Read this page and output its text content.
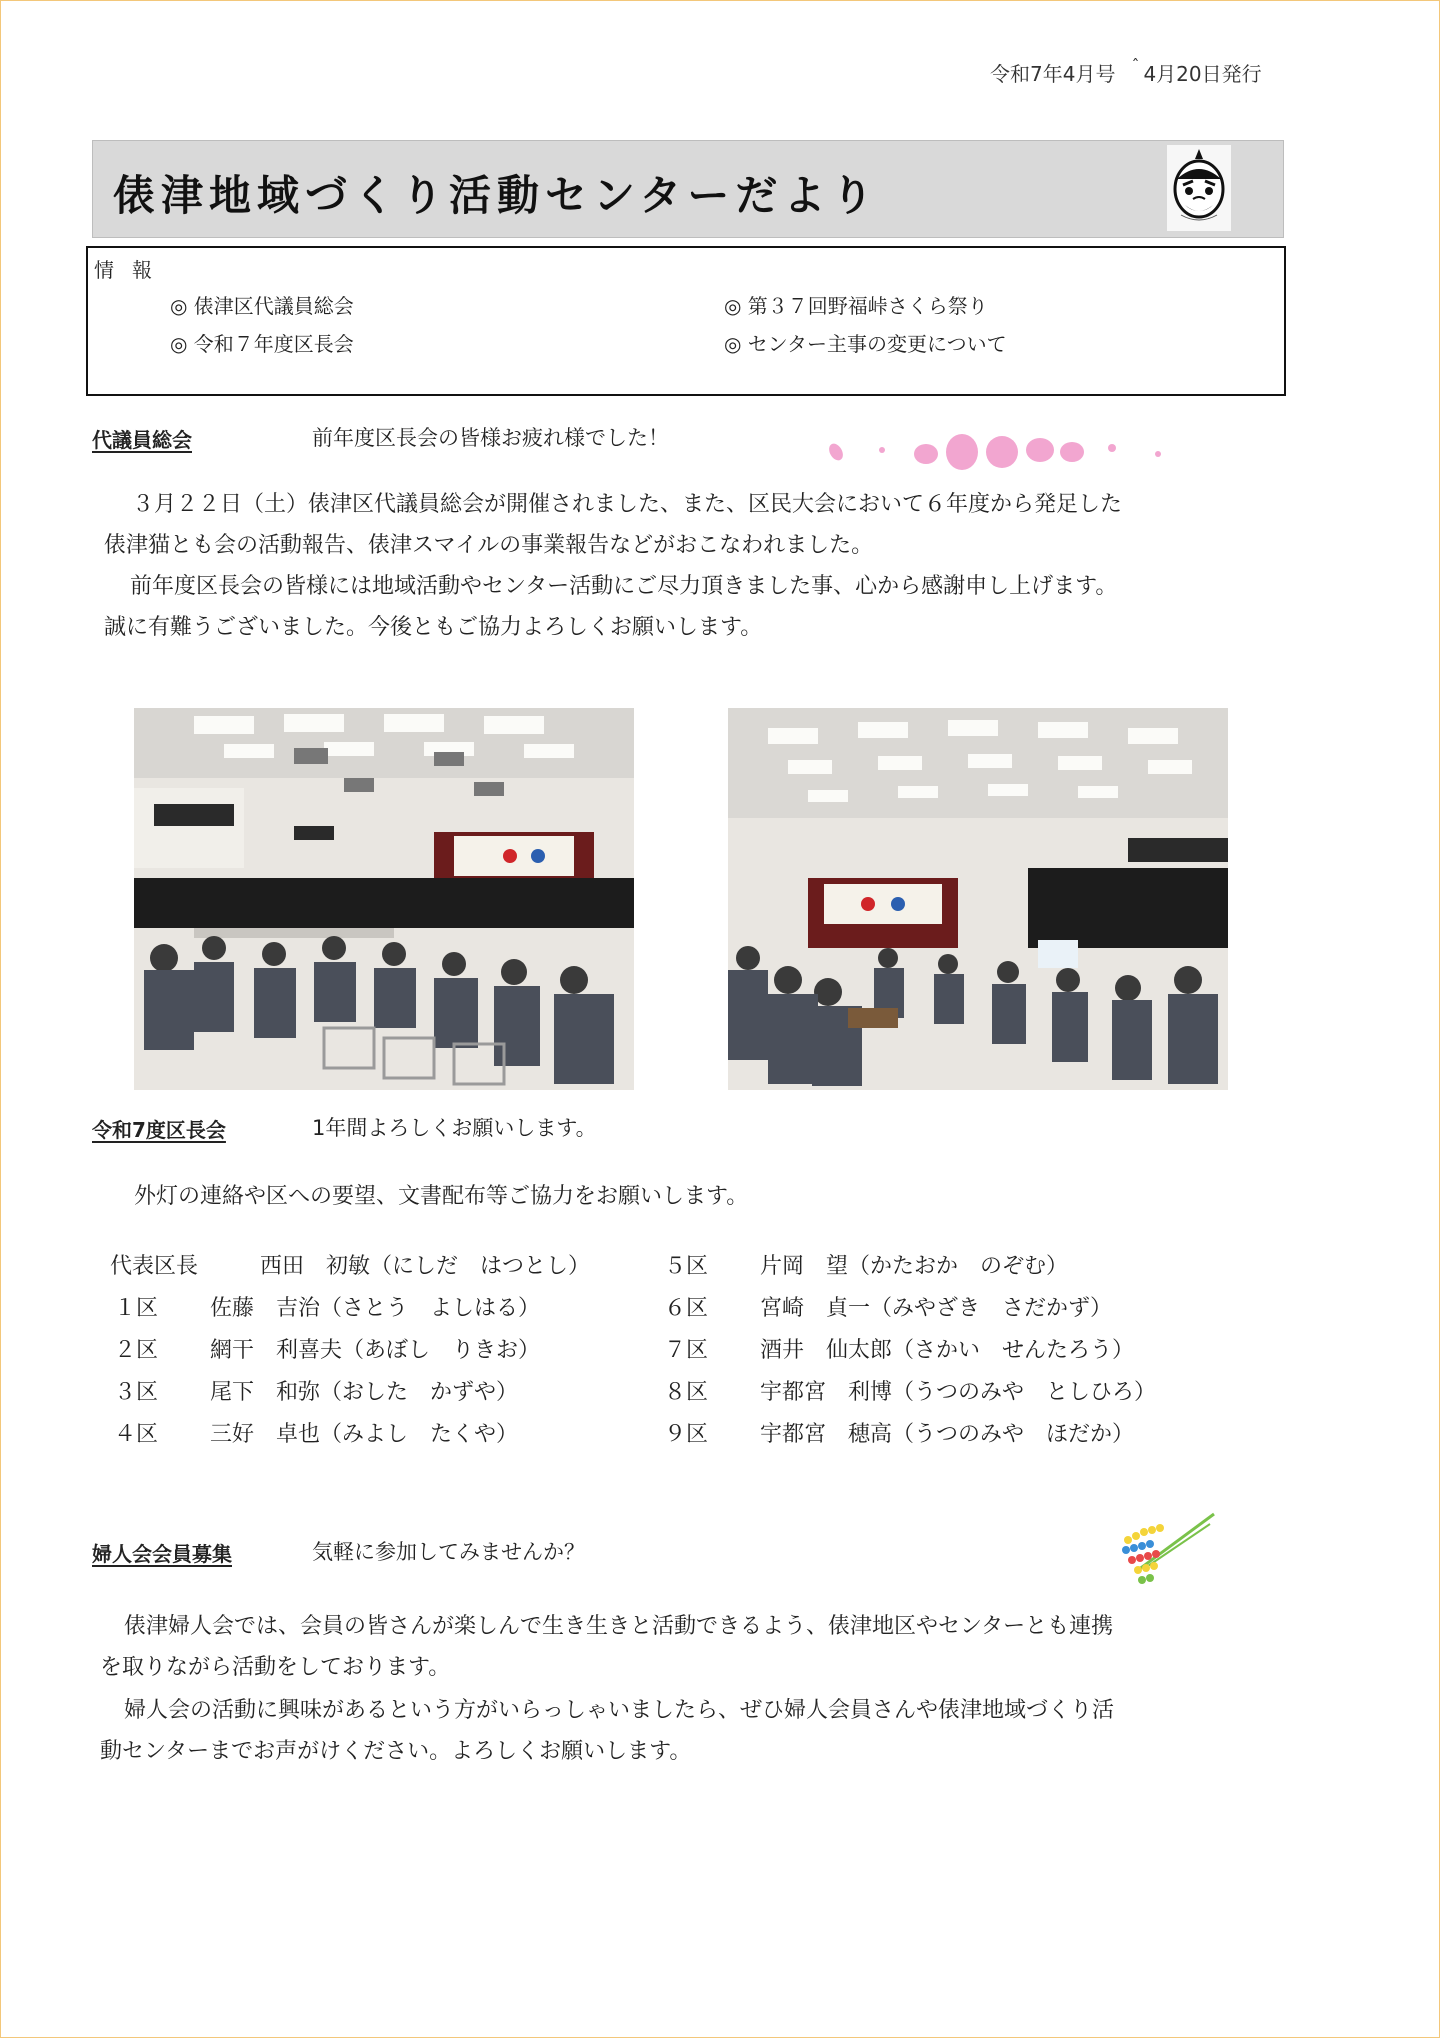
令和7年4月号 $^ˆ$ 4月20日発行
俵津地域づくり活動センターだより
情報
◎ 俵津区代議員総会	◎ 第３７回野福峠さくら祭り
◎ 令和７年度区長会	◎ センター主事の変更について
代議員総会	前年度区長会の皆様お疲れ様でした！
３月２２日（土）俵津区代議員総会が開催されました、また、区民大会において６年度から発足した
俵津猫とも会の活動報告、俵津スマイルの事業報告などがおこなわれました。
前年度区長会の皆様には地域活動やセンター活動にご尽力頂きました事、心から感謝申し上げます。
誠に有難うございました。今後ともご協力よろしくお願いします。
令和7度区長会	1年間よろしくお願いします。
外灯の連絡や区への要望、文書配布等ご協力をお願いします。
代表区長	西田　初敏（にしだ　はつとし）
１区 佐藤　吉治（さとう　よしはる）
２区 網干　利喜夫（あぼし　りきお）
３区 尾下　和弥（おした　かずや）
４区 三好　卓也（みよし　たくや）
５区 片岡　望（かたおか　のぞむ）
６区 宮崎　貞一（みやざき　さだかず）
７区 酒井　仙太郎（さかい　せんたろう）
８区 宇都宮　利博（うつのみや　としひろ）
９区 宇都宮　穂高（うつのみや　ほだか）
婦人会会員募集	気軽に参加してみませんか？
俵津婦人会では、会員の皆さんが楽しんで生き生きと活動できるよう、俵津地区やセンターとも連携
を取りながら活動をしております。
婦人会の活動に興味があるという方がいらっしゃいましたら、ぜひ婦人会員さんや俵津地域づくり活
動センターまでお声がけください。よろしくお願いします。
